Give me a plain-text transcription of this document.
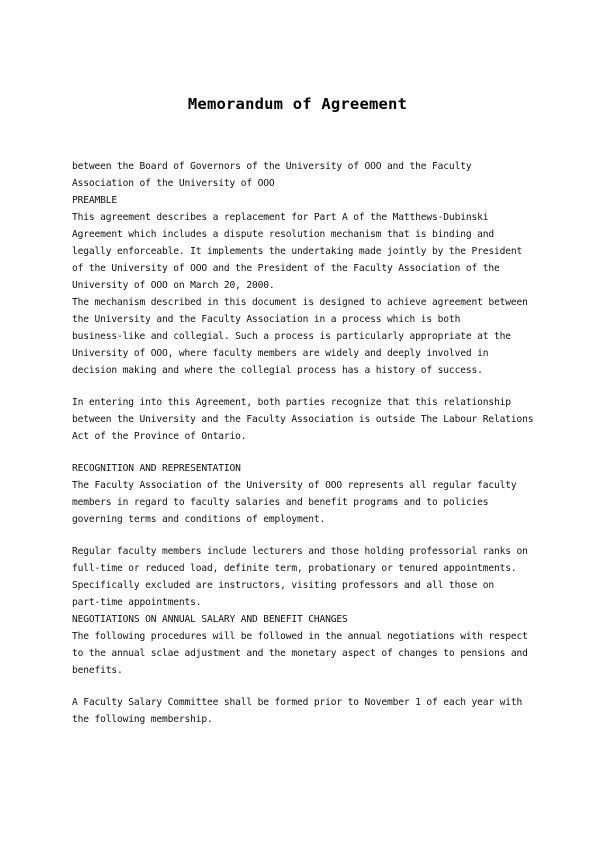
Memorandum of Agreement
between the Board of Governors of the University of OOO and the Faculty
Association of the University of OOO
PREAMBLE
This agreement describes a replacement for Part A of the Matthews-Dubinski
Agreement which includes a dispute resolution mechanism that is binding and
legally enforceable. It implements the undertaking made jointly by the President
of the University of OOO and the President of the Faculty Association of the
University of OOO on March 20, 2000.
The mechanism described in this document is designed to achieve agreement between
the University and the Faculty Association in a process which is both
business-like and collegial. Such a process is particularly appropriate at the
University of OOO, where faculty members are widely and deeply involved in
decision making and where the collegial process has a history of success.
In entering into this Agreement, both parties recognize that this relationship
between the University and the Faculty Association is outside The Labour Relations
Act of the Province of Ontario.
RECOGNITION AND REPRESENTATION
The Faculty Association of the University of OOO represents all regular faculty
members in regard to faculty salaries and benefit programs and to policies
governing terms and conditions of employment.
Regular faculty members include lecturers and those holding professorial ranks on
full-time or reduced load, definite term, probationary or tenured appointments.
Specifically excluded are instructors, visiting professors and all those on
part-time appointments.
NEGOTIATIONS ON ANNUAL SALARY AND BENEFIT CHANGES
The following procedures will be followed in the annual negotiations with respect
to the annual sclae adjustment and the monetary aspect of changes to pensions and
benefits.
A Faculty Salary Committee shall be formed prior to November 1 of each year with
the following membership.
